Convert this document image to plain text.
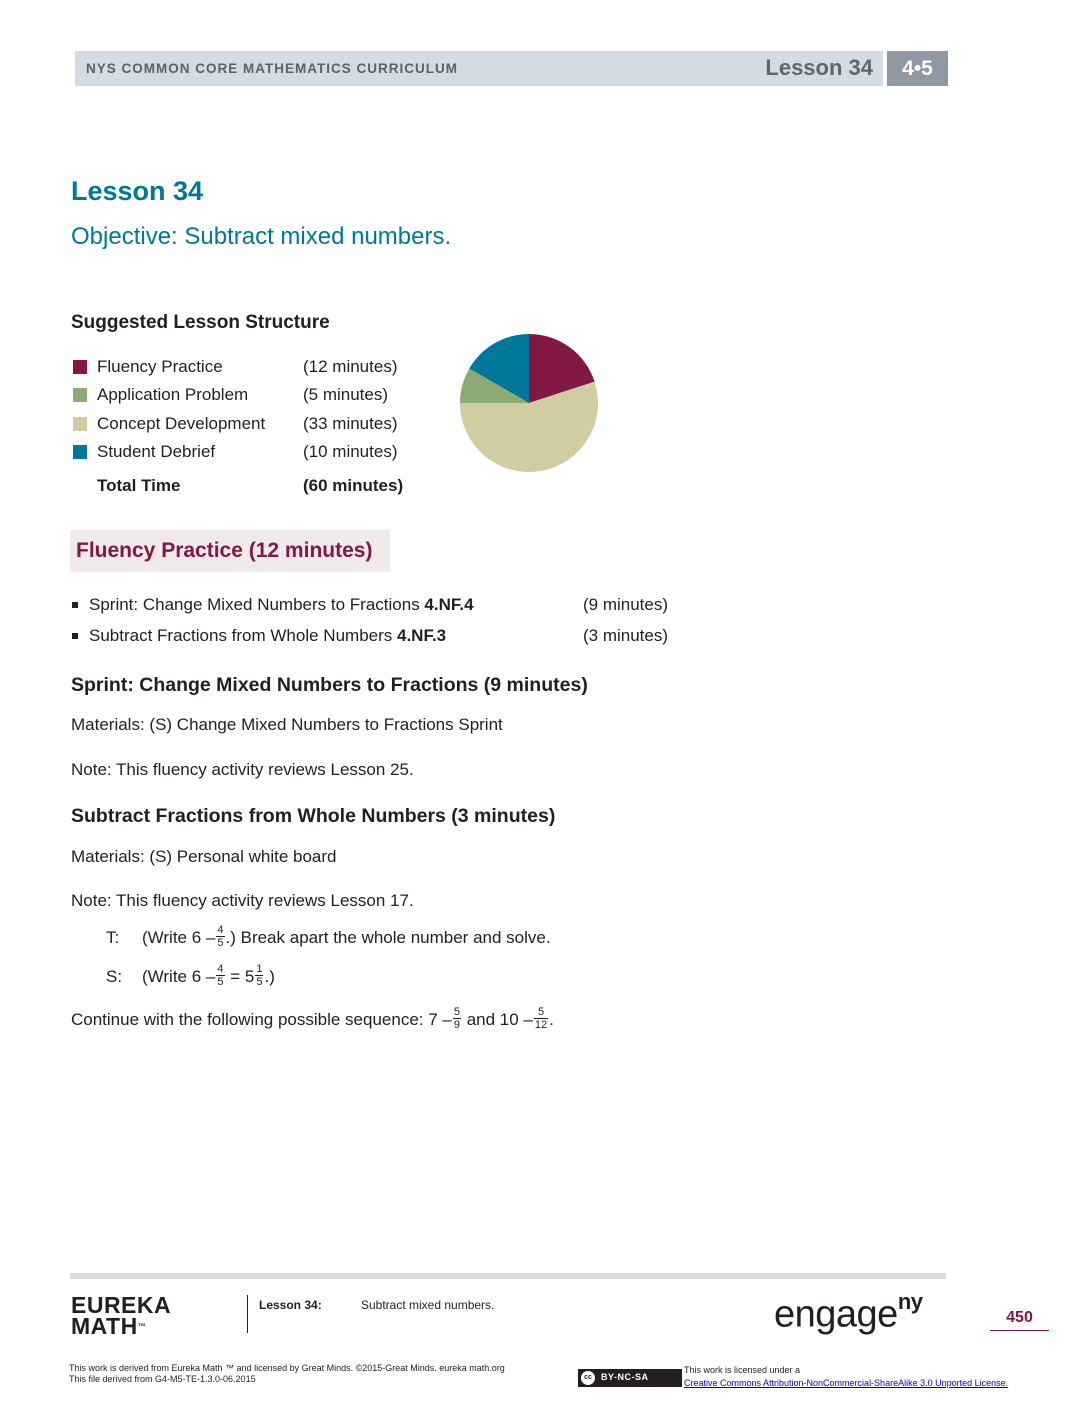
NYS COMMON CORE MATHEMATICS CURRICULUM	Lesson 34	4•5
Lesson 34
Objective: Subtract mixed numbers.
Suggested Lesson Structure
Fluency Practice	(12 minutes)
Application Problem	(5 minutes)
Concept Development (33 minutes)
Student Debrief	(10 minutes)
Total Time	(60 minutes)
Fluency Practice (12 minutes)
Sprint: Change Mixed Numbers to Fractions 4.NF.4	(9 minutes)
Subtract Fractions from Whole Numbers 4.NF.3	(3 minutes)
Sprint: Change Mixed Numbers to Fractions (9 minutes)
Materials: (S) Change Mixed Numbers to Fractions Sprint
Note: This fluency activity reviews Lesson 25.
Subtract Fractions from Whole Numbers (3 minutes)
Materials: (S) Personal white board
Note: This fluency activity reviews Lesson 17.
T: (Write $6 - \frac{4}{5}$ .) Break apart the whole number and solve.
S: (Write $6 - \frac{4}{5} = 5 \frac{1}{5}$ .)
Continue with the following possible sequence: $7 - \frac{5}{9}$ and $10 - \frac{5}{12}$ .
EUREKA
MATH™
Lesson 34:	Subtract mixed numbers.	engage$^{ny}$
450
This work is derived from Eureka Math ™ and licensed by Great Minds. ©2015-Great Minds. eureka math.org
This file derived from G4-M5-TE-1.3.0-06.2015	cc	BY-NC-SA
This work is licensed under a
Creative Commons Attribution-NonCommercial-ShareAlike 3.0 Unported License.
